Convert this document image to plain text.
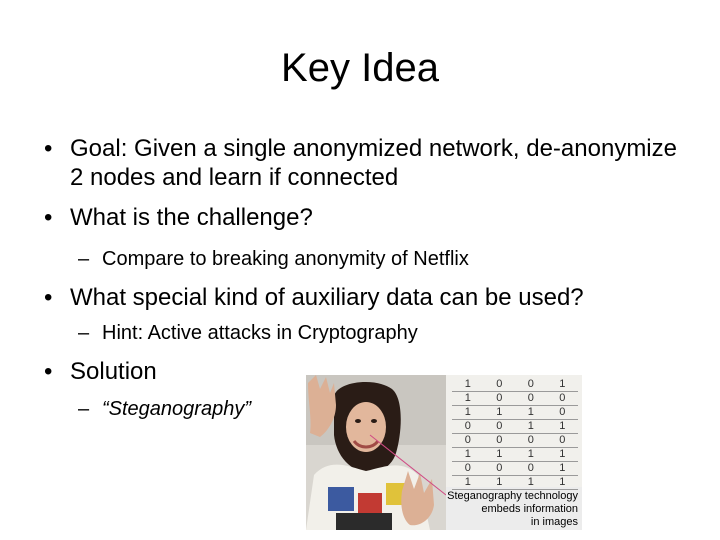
Key Idea
• Goal: Given a single anonymized network, de-anonymize 2 nodes and learn if connected
• What is the challenge?
– Compare to breaking anonymity of Netflix
• What special kind of auxiliary data can be used?
– Hint: Active attacks in Cryptography
• Solution
– “Steganography”
1	0	0	1
1	0	0	0
1	1	1	0
0	0	1	1
0	0	0	0
1	1	1	1
0	0	0	1
1	1	1	1
Steganography technology
embeds information
in images
